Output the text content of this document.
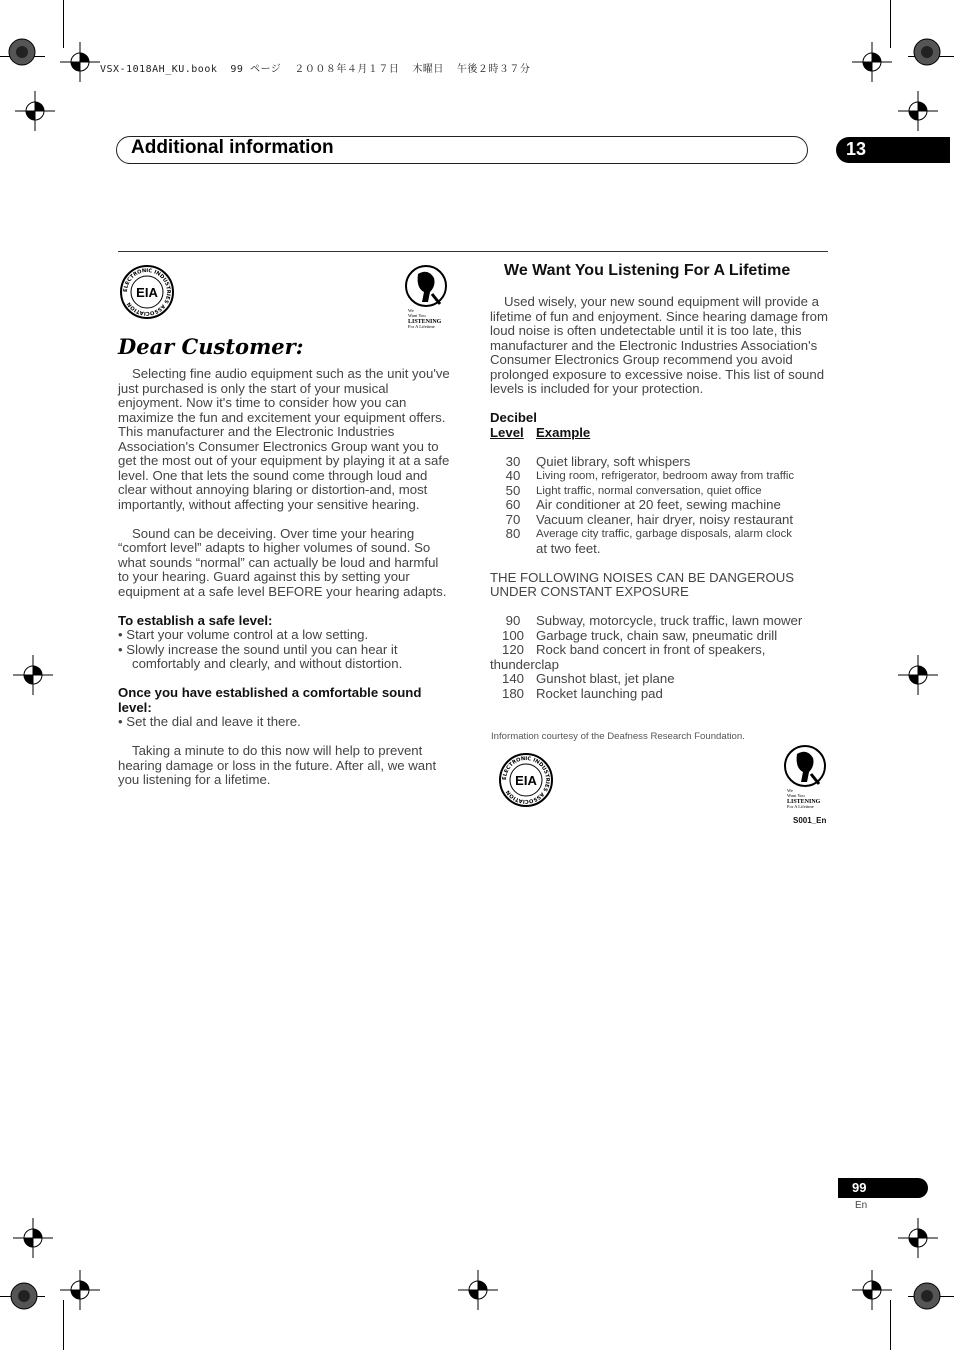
VSX-1018AH_KU.book  99 ページ  ２００８年４月１７日  木曜日  午後２時３７分
Additional information	13
ELECTRONIC INDUSTRIES ASSOCIATION
EIA
ELECTRONIC INDUSTRIES ASSOCIATION
EIA
We
Want You
LISTENING
For A Lifetime
We
Want You
LISTENING
For A Lifetime
Dear Customer:

Selecting fine audio equipment such as the unit you've just purchased is only the start of your musical enjoyment. Now it's time to consider how you can maximize the fun and excitement your equipment offers. This manufacturer and the Electronic Industries Association's Consumer Electronics Group want you to get the most out of your equipment by playing it at a safe level. One that lets the sound come through loud and clear without annoying blaring or distortion-and, most importantly, without affecting your sensitive hearing.

Sound can be deceiving. Over time your hearing “comfort level” adapts to higher volumes of sound. So what sounds “normal” can actually be loud and harmful to your hearing. Guard against this by setting your equipment at a safe level BEFORE your hearing adapts.

To establish a safe level:

• Start your volume control at a low setting.

• Slowly increase the sound until you can hear it comfortably and clearly, and without distortion.

Once you have established a comfortable sound level:

• Set the dial and leave it there.

Taking a minute to do this now will help to prevent hearing damage or loss in the future. After all, we want you listening for a lifetime.

We Want You Listening For A Lifetime

Used wisely, your new sound equipment will provide a lifetime of fun and enjoyment. Since hearing damage from loud noise is often undetectable until it is too late, this manufacturer and the Electronic Industries Association's Consumer Electronics Group recommend you avoid prolonged exposure to excessive noise. This list of sound levels is included for your protection.

Decibel

Level Example
30	Quiet library, soft whispers
40	Living room, refrigerator, bedroom away from traffic
50	Light traffic, normal conversation, quiet office
60	Air conditioner at 20 feet, sewing machine
70	Vacuum cleaner, hair dryer, noisy restaurant
80	Average city traffic, garbage disposals, alarm clock
at two feet.

THE FOLLOWING NOISES CAN BE DANGEROUS UNDER CONSTANT EXPOSURE

90	Subway, motorcycle, truck traffic, lawn mower
100 Garbage truck, chain saw, pneumatic drill
120 Rock band concert in front of speakers,
thunderclap
140 Gunshot blast, jet plane
180 Rocket launching pad
Information courtesy of the Deafness Research Foundation.
S001_En
99
En
